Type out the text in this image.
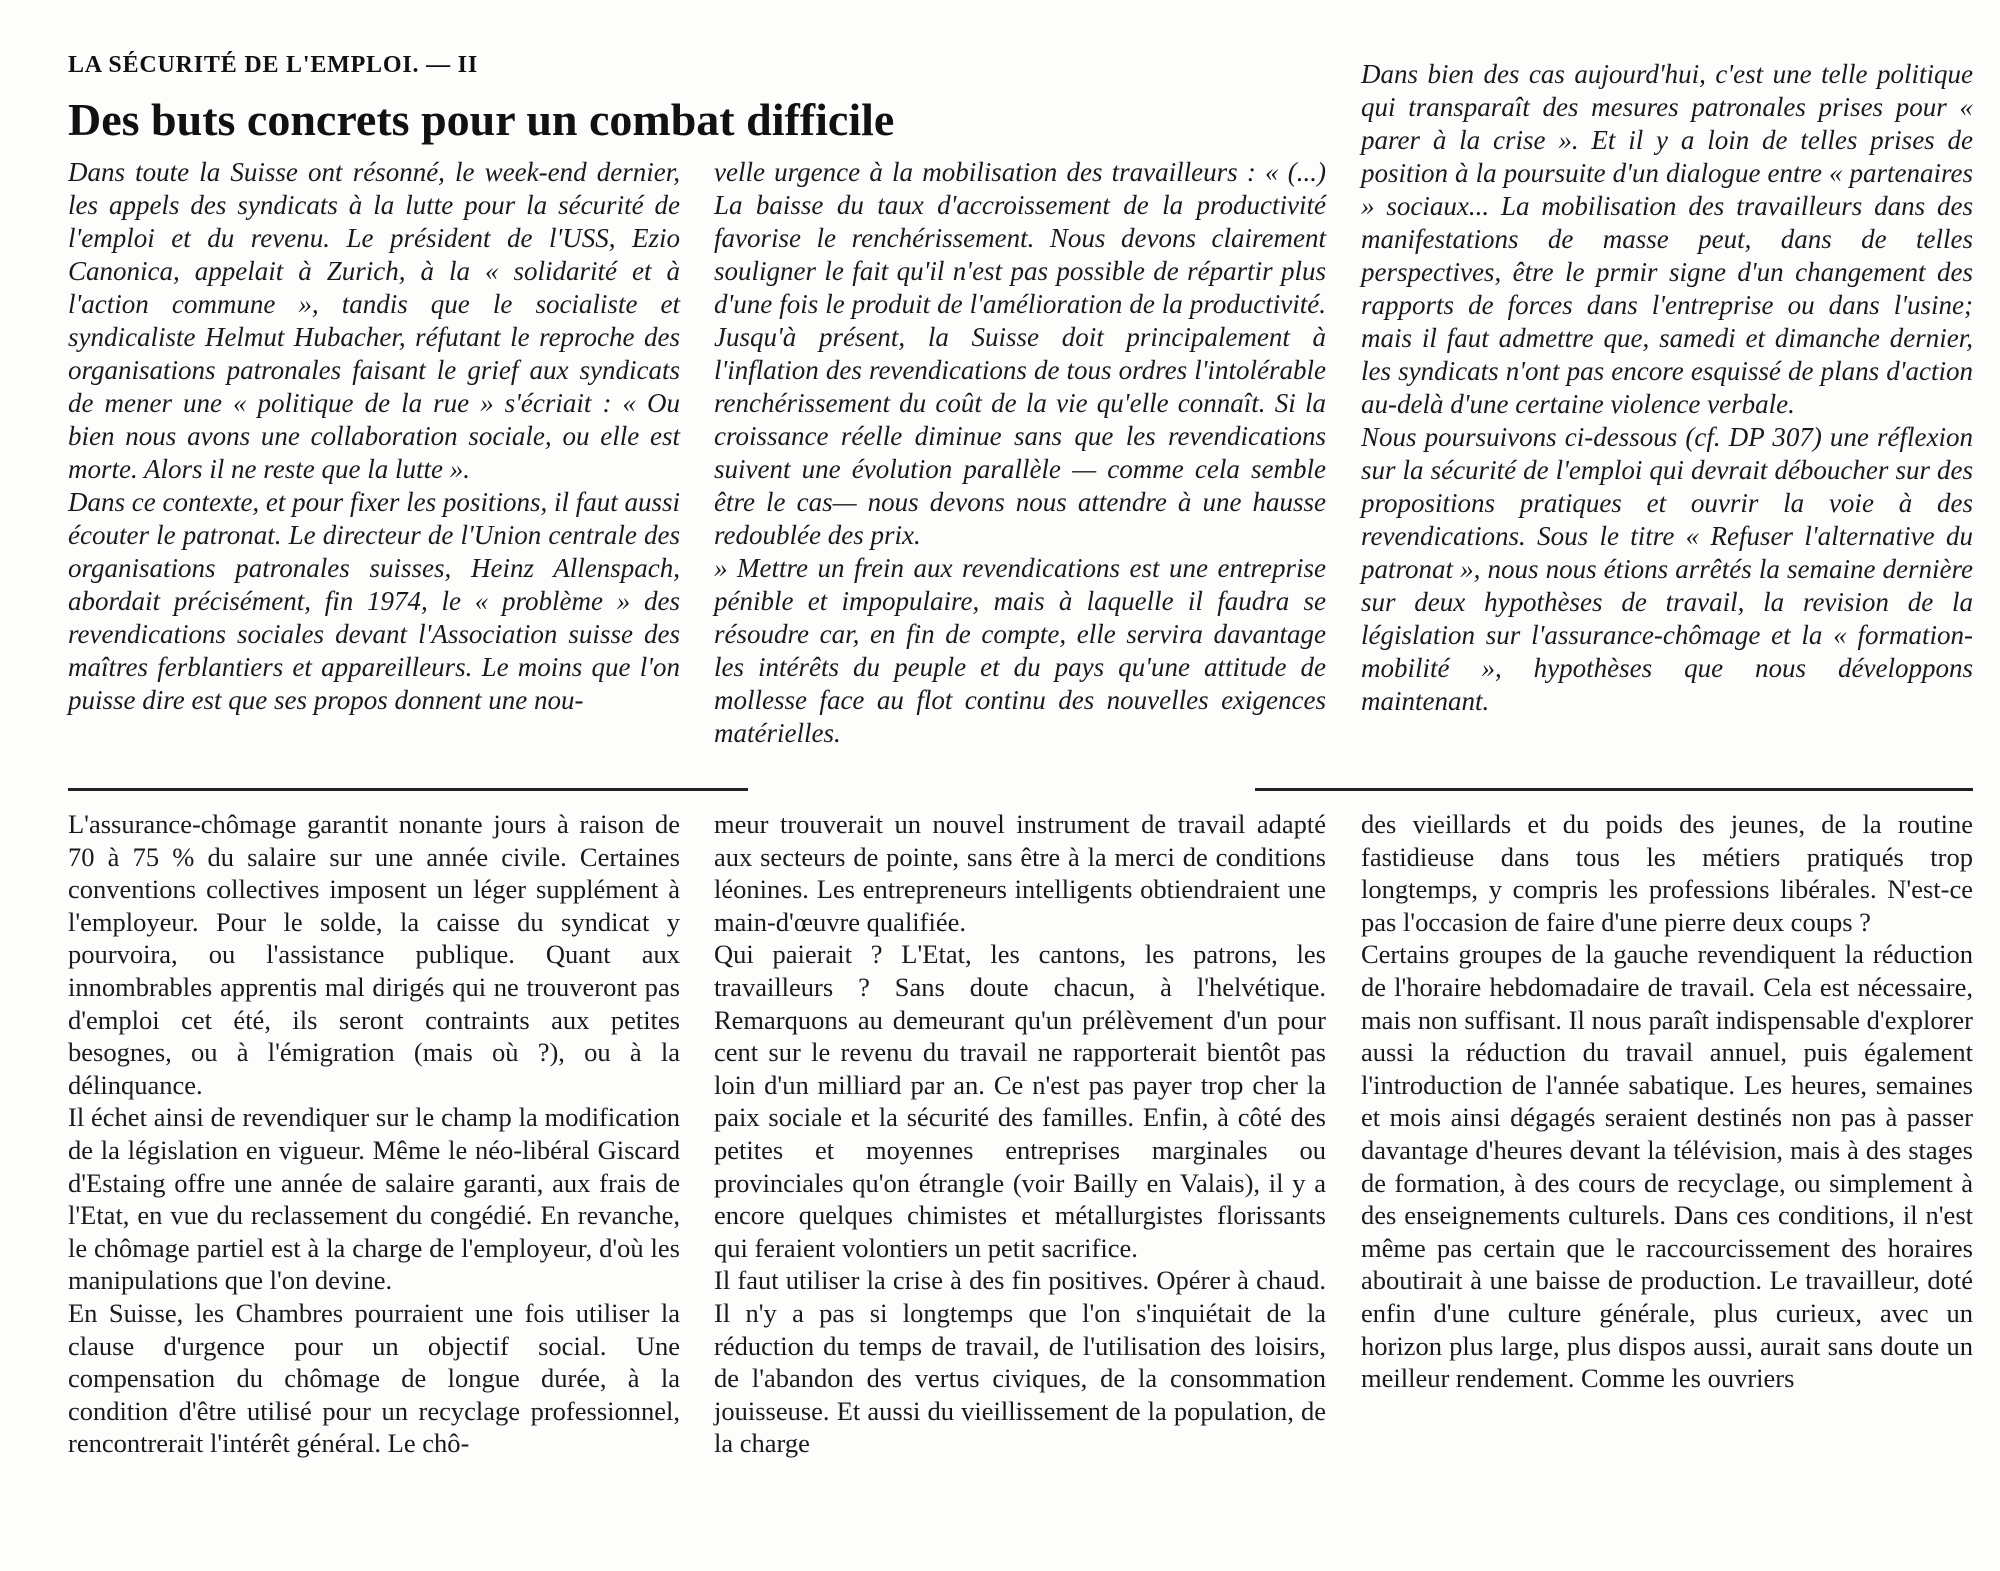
LA SÉCURITÉ DE L'EMPLOI. — II
Des buts concrets pour un combat difficile

Dans toute la Suisse ont résonné, le week-end dernier, les appels des syndicats à la lutte pour la sécurité de l'emploi et du revenu. Le président de l'USS, Ezio Canonica, appelait à Zurich, à la « solidarité et à l'action commune », tandis que le socialiste et syndicaliste Helmut Hubacher, réfutant le reproche des organisations patronales faisant le grief aux syndicats de mener une « politique de la rue » s'écriait : « Ou bien nous avons une collaboration sociale, ou elle est morte. Alors il ne reste que la lutte ».

Dans ce contexte, et pour fixer les positions, il faut aussi écouter le patronat. Le directeur de l'Union centrale des organisations patronales suisses, Heinz Allenspach, abordait précisément, fin 1974, le « problème » des revendications sociales devant l'Association suisse des maîtres ferblantiers et appareilleurs. Le moins que l'on puisse dire est que ses propos donnent une nou-

velle urgence à la mobilisation des travailleurs : « (...) La baisse du taux d'accroissement de la productivité favorise le renchérissement. Nous devons clairement souligner le fait qu'il n'est pas possible de répartir plus d'une fois le produit de l'amélioration de la productivité. Jusqu'à présent, la Suisse doit principalement à l'inflation des revendications de tous ordres l'intolérable renchérissement du coût de la vie qu'elle connaît. Si la croissance réelle diminue sans que les revendications suivent une évolution parallèle — comme cela semble être le cas— nous devons nous attendre à une hausse redoublée des prix.

» Mettre un frein aux revendications est une entreprise pénible et impopulaire, mais à laquelle il faudra se résoudre car, en fin de compte, elle servira davantage les intérêts du peuple et du pays qu'une attitude de mollesse face au flot continu des nouvelles exigences matérielles.

Dans bien des cas aujourd'hui, c'est une telle politique qui transparaît des mesures patronales prises pour « parer à la crise ». Et il y a loin de telles prises de position à la poursuite d'un dialogue entre « partenaires » sociaux... La mobilisation des travailleurs dans des manifestations de masse peut, dans de telles perspectives, être le prmir signe d'un changement des rapports de forces dans l'entreprise ou dans l'usine; mais il faut admettre que, samedi et dimanche dernier, les syndicats n'ont pas encore esquissé de plans d'action au-delà d'une certaine violence verbale.

Nous poursuivons ci-dessous (cf. DP 307) une réflexion sur la sécurité de l'emploi qui devrait déboucher sur des propositions pratiques et ouvrir la voie à des revendications. Sous le titre « Refuser l'alternative du patronat », nous nous étions arrêtés la semaine dernière sur deux hypothèses de travail, la revision de la législation sur l'assurance-chômage et la « formation-mobilité », hypothèses que nous développons maintenant.

L'assurance-chômage garantit nonante jours à raison de 70 à 75 % du salaire sur une année civile. Certaines conventions collectives imposent un léger supplément à l'employeur. Pour le solde, la caisse du syndicat y pourvoira, ou l'assistance publique. Quant aux innombrables apprentis mal dirigés qui ne trouveront pas d'emploi cet été, ils seront contraints aux petites besognes, ou à l'émigration (mais où ?), ou à la délinquance.

Il échet ainsi de revendiquer sur le champ la modification de la législation en vigueur. Même le néo-libéral Giscard d'Estaing offre une année de salaire garanti, aux frais de l'Etat, en vue du reclassement du congédié. En revanche, le chômage partiel est à la charge de l'employeur, d'où les manipulations que l'on devine.

En Suisse, les Chambres pourraient une fois utiliser la clause d'urgence pour un objectif social. Une compensation du chômage de longue durée, à la condition d'être utilisé pour un recyclage professionnel, rencontrerait l'intérêt général. Le chô-

meur trouverait un nouvel instrument de travail adapté aux secteurs de pointe, sans être à la merci de conditions léonines. Les entrepreneurs intelligents obtiendraient une main-d'œuvre qualifiée.

Qui paierait ? L'Etat, les cantons, les patrons, les travailleurs ? Sans doute chacun, à l'helvétique. Remarquons au demeurant qu'un prélèvement d'un pour cent sur le revenu du travail ne rapporterait bientôt pas loin d'un milliard par an. Ce n'est pas payer trop cher la paix sociale et la sécurité des familles. Enfin, à côté des petites et moyennes entreprises marginales ou provinciales qu'on étrangle (voir Bailly en Valais), il y a encore quelques chimistes et métallurgistes florissants qui feraient volontiers un petit sacrifice.

Il faut utiliser la crise à des fin positives. Opérer à chaud. Il n'y a pas si longtemps que l'on s'inquiétait de la réduction du temps de travail, de l'utilisation des loisirs, de l'abandon des vertus civiques, de la consommation jouisseuse. Et aussi du vieillissement de la population, de la charge

des vieillards et du poids des jeunes, de la routine fastidieuse dans tous les métiers pratiqués trop longtemps, y compris les professions libérales. N'est-ce pas l'occasion de faire d'une pierre deux coups ?

Certains groupes de la gauche revendiquent la réduction de l'horaire hebdomadaire de travail. Cela est nécessaire, mais non suffisant. Il nous paraît indispensable d'explorer aussi la réduction du travail annuel, puis également l'introduction de l'année sabatique. Les heures, semaines et mois ainsi dégagés seraient destinés non pas à passer davantage d'heures devant la télévision, mais à des stages de formation, à des cours de recyclage, ou simplement à des enseignements culturels. Dans ces conditions, il n'est même pas certain que le raccourcissement des horaires aboutirait à une baisse de production. Le travailleur, doté enfin d'une culture générale, plus curieux, avec un horizon plus large, plus dispos aussi, aurait sans doute un meilleur rendement. Comme les ouvriers
